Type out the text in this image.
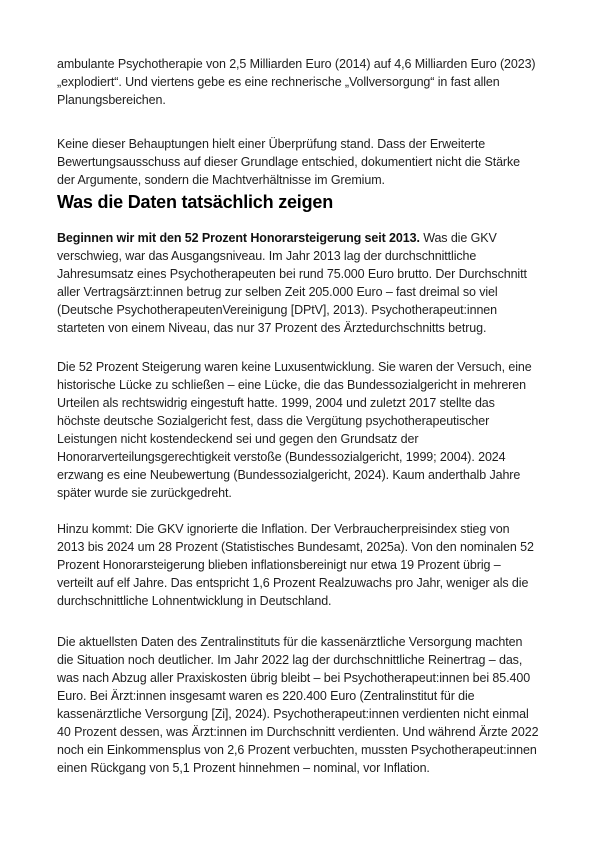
ambulante Psychotherapie von 2,5 Milliarden Euro (2014) auf 4,6 Milliarden Euro (2023)
„explodiert“. Und viertens gebe es eine rechnerische „Vollversorgung“ in fast allen
Planungsbereichen.

Keine dieser Behauptungen hielt einer Überprüfung stand. Dass der Erweiterte
Bewertungsausschuss auf dieser Grundlage entschied, dokumentiert nicht die Stärke
der Argumente, sondern die Machtverhältnisse im Gremium.

Was die Daten tatsächlich zeigen

Beginnen wir mit den 52 Prozent Honorarsteigerung seit 2013. Was die GKV
verschwieg, war das Ausgangsniveau. Im Jahr 2013 lag der durchschnittliche
Jahresumsatz eines Psychotherapeuten bei rund 75.000 Euro brutto. Der Durchschnitt
aller Vertragsärzt:innen betrug zur selben Zeit 205.000 Euro – fast dreimal so viel
(Deutsche PsychotherapeutenVereinigung [DPtV], 2013). Psychotherapeut:innen
starteten von einem Niveau, das nur 37 Prozent des Ärztedurchschnitts betrug.

Die 52 Prozent Steigerung waren keine Luxusentwicklung. Sie waren der Versuch, eine
historische Lücke zu schließen – eine Lücke, die das Bundessozialgericht in mehreren
Urteilen als rechtswidrig eingestuft hatte. 1999, 2004 und zuletzt 2017 stellte das
höchste deutsche Sozialgericht fest, dass die Vergütung psychotherapeutischer
Leistungen nicht kostendeckend sei und gegen den Grundsatz der
Honorarverteilungsgerechtigkeit verstoße (Bundessozialgericht, 1999; 2004). 2024
erzwang es eine Neubewertung (Bundessozialgericht, 2024). Kaum anderthalb Jahre
später wurde sie zurückgedreht.

Hinzu kommt: Die GKV ignorierte die Inflation. Der Verbraucherpreisindex stieg von
2013 bis 2024 um 28 Prozent (Statistisches Bundesamt, 2025a). Von den nominalen 52
Prozent Honorarsteigerung blieben inflationsbereinigt nur etwa 19 Prozent übrig –
verteilt auf elf Jahre. Das entspricht 1,6 Prozent Realzuwachs pro Jahr, weniger als die
durchschnittliche Lohnentwicklung in Deutschland.

Die aktuellsten Daten des Zentralinstituts für die kassenärztliche Versorgung machten
die Situation noch deutlicher. Im Jahr 2022 lag der durchschnittliche Reinertrag – das,
was nach Abzug aller Praxiskosten übrig bleibt – bei Psychotherapeut:innen bei 85.400
Euro. Bei Ärzt:innen insgesamt waren es 220.400 Euro (Zentralinstitut für die
kassenärztliche Versorgung [Zi], 2024). Psychotherapeut:innen verdienten nicht einmal
40 Prozent dessen, was Ärzt:innen im Durchschnitt verdienten. Und während Ärzte 2022
noch ein Einkommensplus von 2,6 Prozent verbuchten, mussten Psychotherapeut:innen
einen Rückgang von 5,1 Prozent hinnehmen – nominal, vor Inflation.
